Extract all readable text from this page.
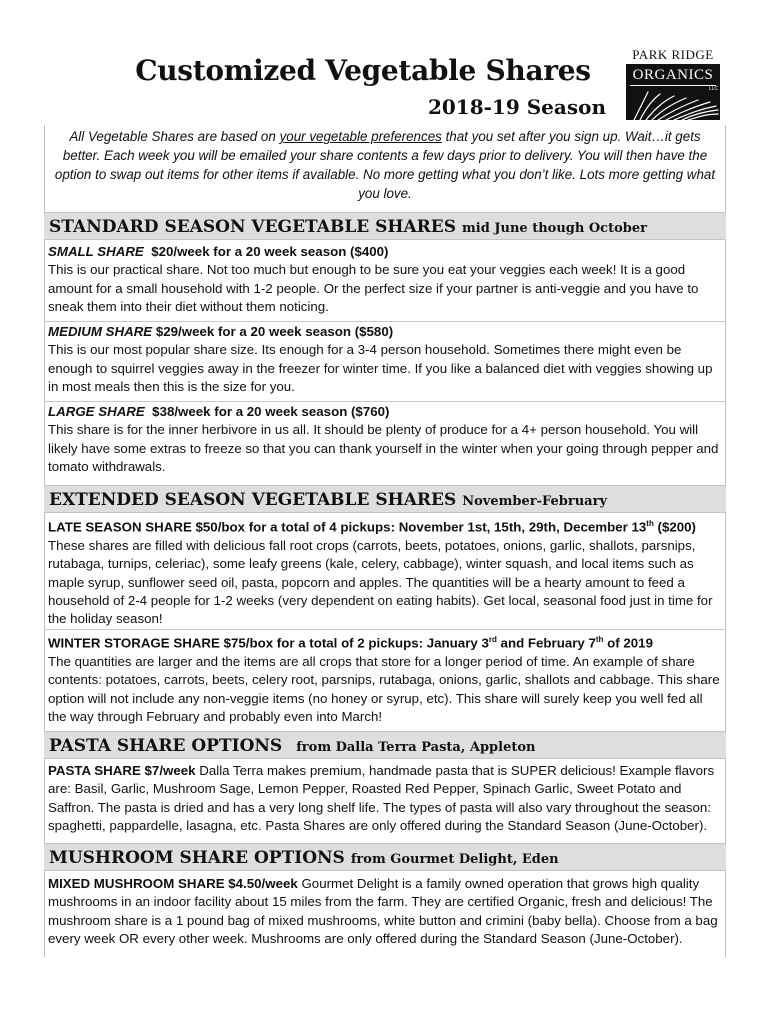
Customized Vegetable Shares
2018-19 Season
PARK RIDGE
ORGANICS
LLC
All Vegetable Shares are based on your vegetable preferences that you set after you sign up. Wait…it gets better. Each week you will be emailed your share contents a few days prior to delivery. You will then have the option to swap out items for other items if available. No more getting what you don’t like. Lots more getting what you love.
STANDARD SEASON VEGETABLE SHARES mid June though October
SMALL SHARE $20/week for a 20 week season ($400)
This is our practical share. Not too much but enough to be sure you eat your veggies each week! It is a good amount for a small household with 1-2 people. Or the perfect size if your partner is anti-veggie and you have to sneak them into their diet without them noticing.
MEDIUM SHARE $29/week for a 20 week season ($580)
This is our most popular share size. Its enough for a 3-4 person household. Sometimes there might even be enough to squirrel veggies away in the freezer for winter time. If you like a balanced diet with veggies showing up in most meals then this is the size for you.
LARGE SHARE $38/week for a 20 week season ($760)
This share is for the inner herbivore in us all. It should be plenty of produce for a 4+ person household. You will likely have some extras to freeze so that you can thank yourself in the winter when your going through pepper and tomato withdrawals.
EXTENDED SEASON VEGETABLE SHARES November-February
LATE SEASON SHARE $50/box for a total of 4 pickups: November 1st, 15th, 29th, December 13th ($200)
These shares are filled with delicious fall root crops (carrots, beets, potatoes, onions, garlic, shallots, parsnips, rutabaga, turnips, celeriac), some leafy greens (kale, celery, cabbage), winter squash, and local items such as maple syrup, sunflower seed oil, pasta, popcorn and apples. The quantities will be a hearty amount to feed a household of 2-4 people for 1-2 weeks (very dependent on eating habits). Get local, seasonal food just in time for the holiday season!
WINTER STORAGE SHARE $75/box for a total of 2 pickups: January 3rd and February 7th of 2019
The quantities are larger and the items are all crops that store for a longer period of time. An example of share contents: potatoes, carrots, beets, celery root, parsnips, rutabaga, onions, garlic, shallots and cabbage. This share option will not include any non-veggie items (no honey or syrup, etc). This share will surely keep you well fed all the way through February and probably even into March!
PASTA SHARE OPTIONS from Dalla Terra Pasta, Appleton
PASTA SHARE $7/week Dalla Terra makes premium, handmade pasta that is SUPER delicious! Example flavors are: Basil, Garlic, Mushroom Sage, Lemon Pepper, Roasted Red Pepper, Spinach Garlic, Sweet Potato and Saffron. The pasta is dried and has a very long shelf life. The types of pasta will also vary throughout the season: spaghetti, pappardelle, lasagna, etc. Pasta Shares are only offered during the Standard Season (June-October).
MUSHROOM SHARE OPTIONS from Gourmet Delight, Eden
MIXED MUSHROOM SHARE $4.50/week Gourmet Delight is a family owned operation that grows high quality mushrooms in an indoor facility about 15 miles from the farm. They are certified Organic, fresh and delicious! The mushroom share is a 1 pound bag of mixed mushrooms, white button and crimini (baby bella). Choose from a bag every week OR every other week. Mushrooms are only offered during the Standard Season (June-October).
